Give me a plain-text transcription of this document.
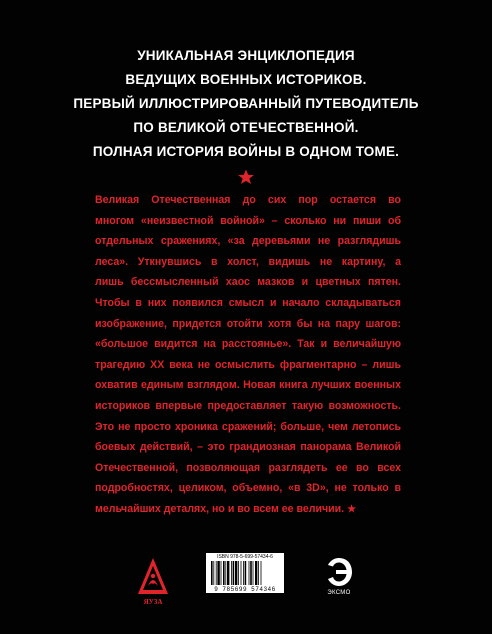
УНИКАЛЬНАЯ ЭНЦИКЛОПЕДИЯ
ВЕДУЩИХ ВОЕННЫХ ИСТОРИКОВ.
ПЕРВЫЙ ИЛЛЮСТРИРОВАННЫЙ ПУТЕВОДИТЕЛЬ
ПО ВЕЛИКОЙ ОТЕЧЕСТВЕННОЙ.
ПОЛНАЯ ИСТОРИЯ ВОЙНЫ В ОДНОМ ТОМЕ.
Великая Отечественная до сих пор остается во
многом «неизвестной войной» – сколько ни пиши об
отдельных сражениях, «за деревьями не разглядишь
леса». Уткнувшись в холст, видишь не картину, а
лишь бессмысленный хаос мазков и цветных пятен.
Чтобы в них появился смысл и начало складываться
изображение, придется отойти хотя бы на пару шагов:
«большое видится на расстоянье». Так и величайшую
трагедию XX века не осмыслить фрагментарно – лишь
охватив единым взглядом. Новая книга лучших военных
историков впервые предоставляет такую возможность.
Это не просто хроника сражений; больше, чем летопись
боевых действий, – это грандиозная панорама Великой
Отечественной, позволяющая разглядеть ее во всех
подробностях, целиком, объемно, «в 3D», не только в
мельчайших деталях, но и во всем ее величии. ★
ЯУЗА
ISBN 978-5-699-57434-6
9 785699 574346	ЭКСМО
